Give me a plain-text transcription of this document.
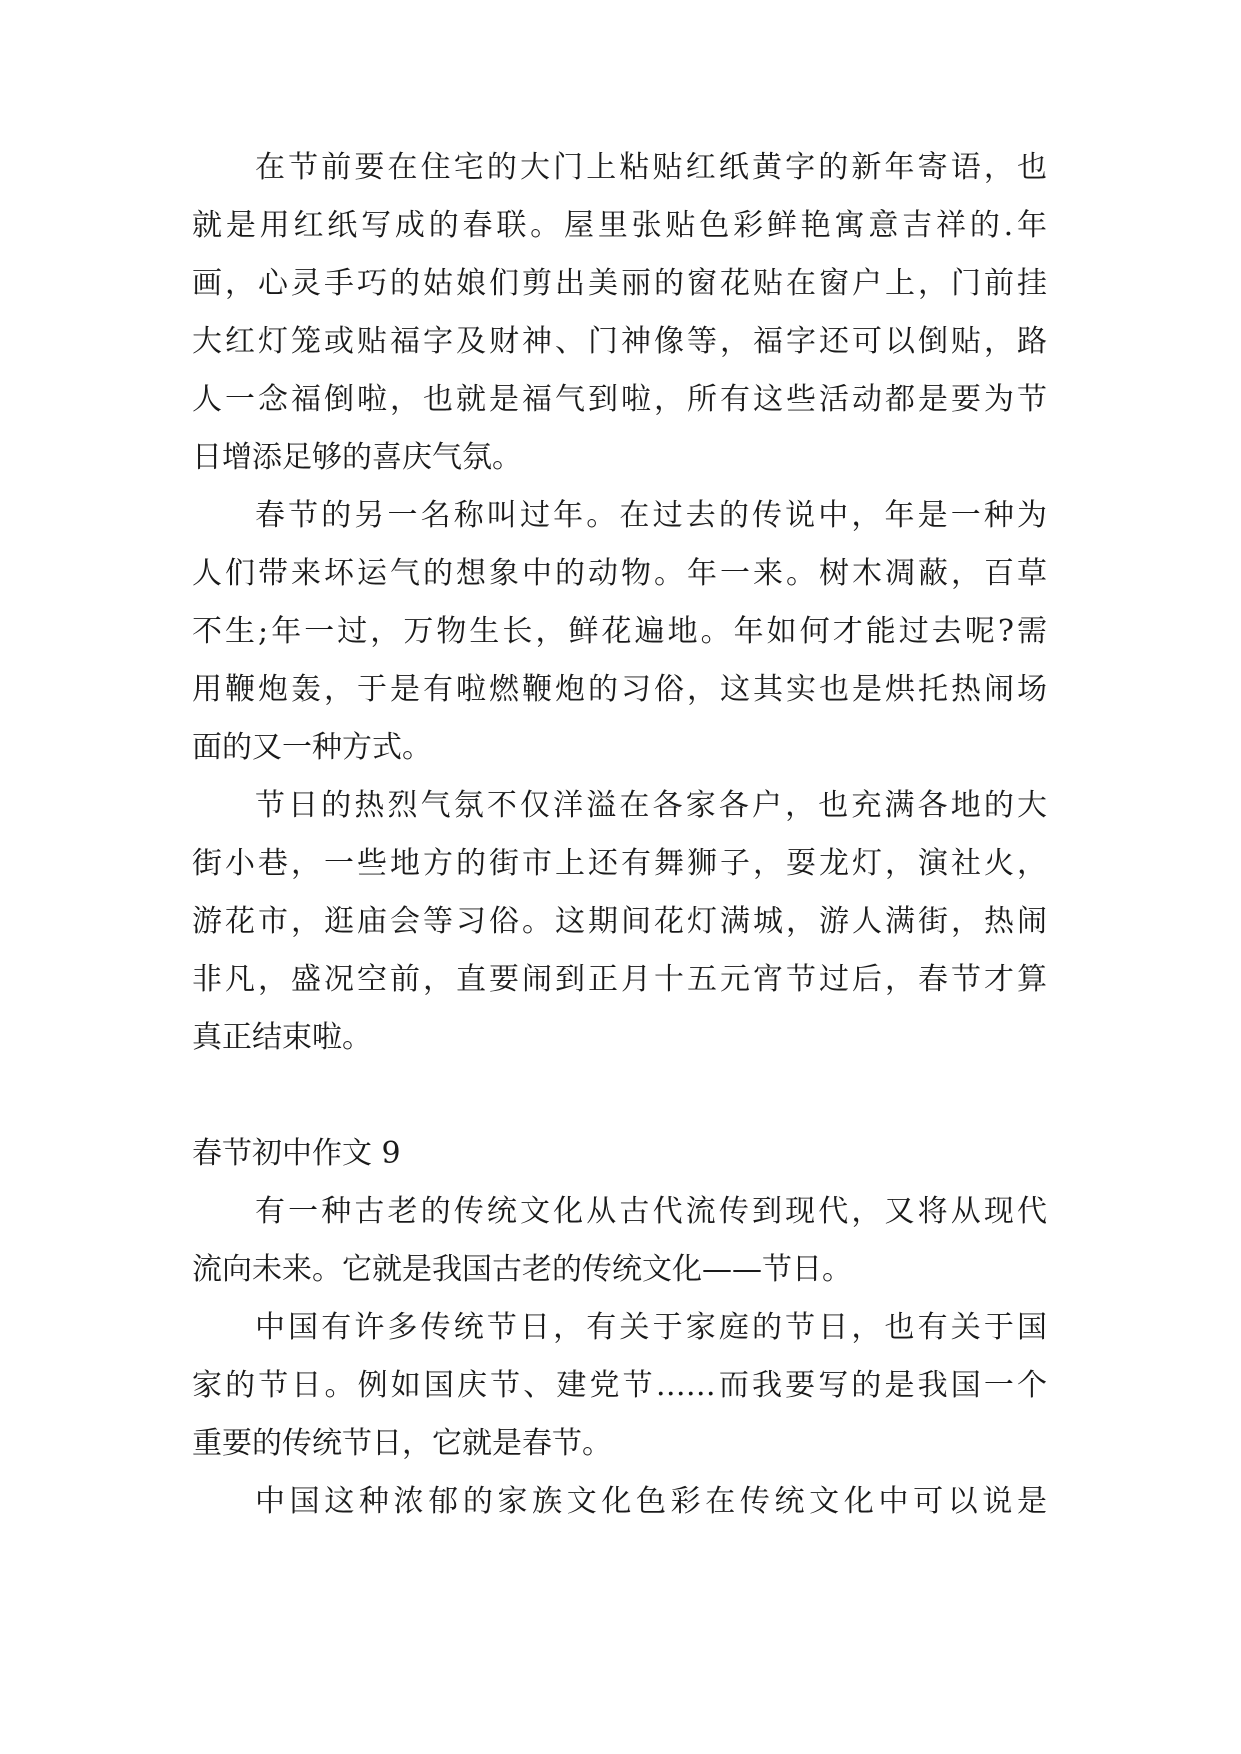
在节前要在住宅的大门上粘贴红纸黄字的新年寄语，也

就是用红纸写成的春联。屋里张贴色彩鲜艳寓意吉祥的.年

画，心灵手巧的姑娘们剪出美丽的窗花贴在窗户上，门前挂

大红灯笼或贴福字及财神、门神像等，福字还可以倒贴，路

人一念福倒啦，也就是福气到啦，所有这些活动都是要为节

日增添足够的喜庆气氛。

春节的另一名称叫过年。在过去的传说中，年是一种为

人们带来坏运气的想象中的动物。年一来。树木凋蔽，百草

不生;年一过，万物生长，鲜花遍地。年如何才能过去呢?需

用鞭炮轰，于是有啦燃鞭炮的习俗，这其实也是烘托热闹场

面的又一种方式。

节日的热烈气氛不仅洋溢在各家各户，也充满各地的大

街小巷，一些地方的街市上还有舞狮子，耍龙灯，演社火，

游花市，逛庙会等习俗。这期间花灯满城，游人满街，热闹

非凡，盛况空前，直要闹到正月十五元宵节过后，春节才算

真正结束啦。

春节初中作文 9

有一种古老的传统文化从古代流传到现代，又将从现代

流向未来。它就是我国古老的传统文化——节日。

中国有许多传统节日，有关于家庭的节日，也有关于国

家的节日。例如国庆节、建党节……而我要写的是我国一个

重要的传统节日，它就是春节。

中国这种浓郁的家族文化色彩在传统文化中可以说是
